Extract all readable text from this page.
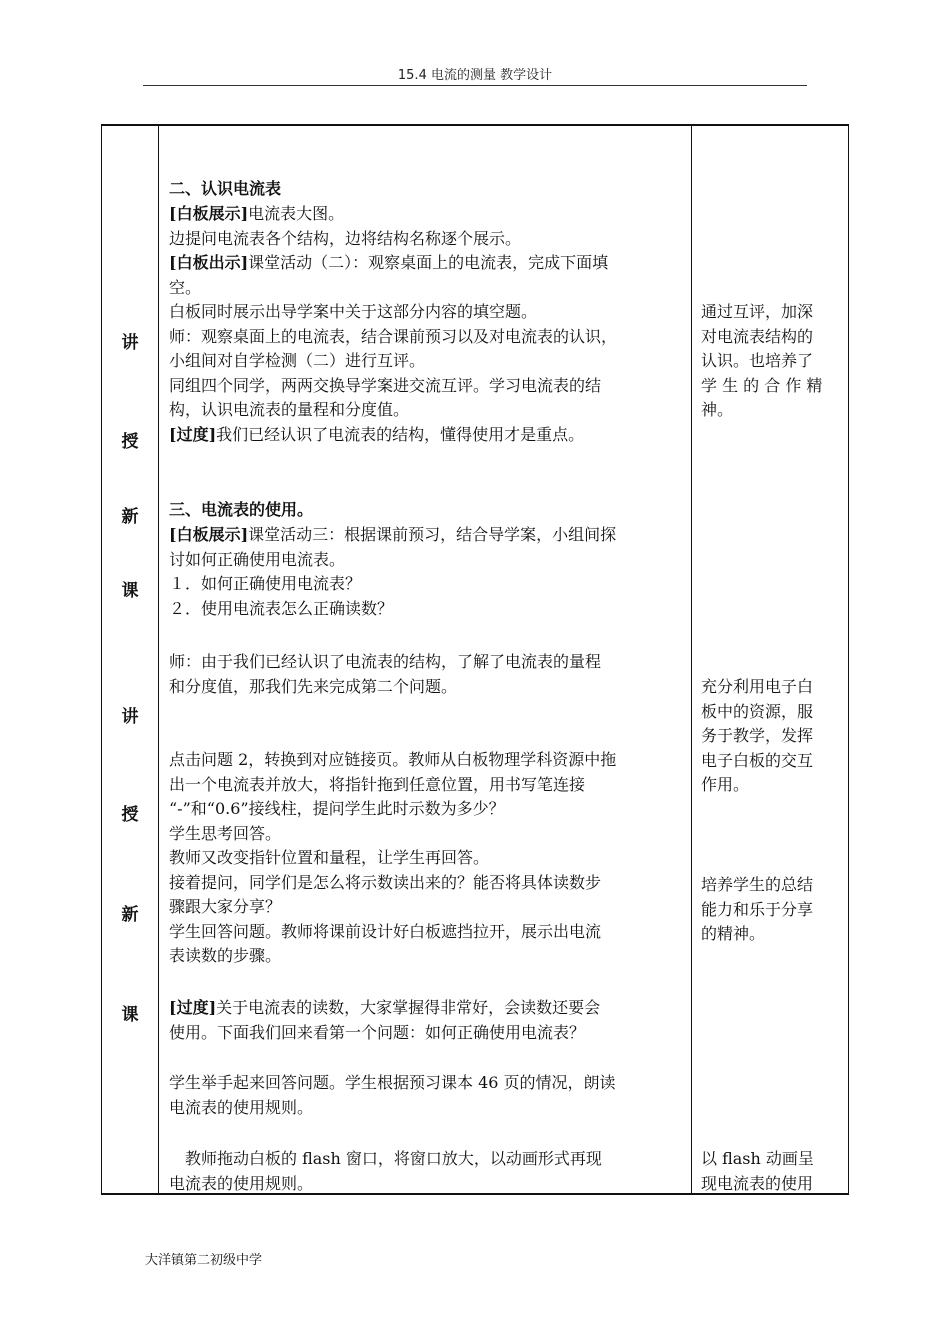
15.4 电流的测量 教学设计
讲
授
新
课
讲
授
新
课

二、认识电流表

[白板展示]电流表大图。

边提问电流表各个结构，边将结构名称逐个展示。

[白板出示]课堂活动（二）：观察桌面上的电流表，完成下面填

空。

白板同时展示出导学案中关于这部分内容的填空题。

师：观察桌面上的电流表，结合课前预习以及对电流表的认识，

小组间对自学检测（二）进行互评。

同组四个同学，两两交换导学案进交流互评。学习电流表的结

构，认识电流表的量程和分度值。

[过度]我们已经认识了电流表的结构，懂得使用才是重点。

三、电流表的使用。

[白板展示]课堂活动三：根据课前预习，结合导学案，小组间探

讨如何正确使用电流表。

１．如何正确使用电流表？

２．使用电流表怎么正确读数？

师：由于我们已经认识了电流表的结构，了解了电流表的量程

和分度值，那我们先来完成第二个问题。

点击问题 2，转换到对应链接页。教师从白板物理学科资源中拖

出一个电流表并放大，将指针拖到任意位置，用书写笔连接

“-”和“0.6”接线柱，提问学生此时示数为多少？

学生思考回答。

教师又改变指针位置和量程，让学生再回答。

接着提问，同学们是怎么将示数读出来的？能否将具体读数步

骤跟大家分享？

学生回答问题。教师将课前设计好白板遮挡拉开，展示出电流

表读数的步骤。

[过度]关于电流表的读数，大家掌握得非常好，会读数还要会

使用。下面我们回来看第一个问题：如何正确使用电流表？

学生举手起来回答问题。学生根据预习课本 46 页的情况，朗读

电流表的使用规则。

　教师拖动白板的 flash 窗口，将窗口放大，以动画形式再现

电流表的使用规则。

通过互评，加深

对电流表结构的

认识。也培养了

学 生 的 合 作 精

神。

充分利用电子白

板中的资源，服

务于教学，发挥

电子白板的交互

作用。

培养学生的总结

能力和乐于分享

的精神。

以 flash 动画呈

现电流表的使用

大洋镇第二初级中学
